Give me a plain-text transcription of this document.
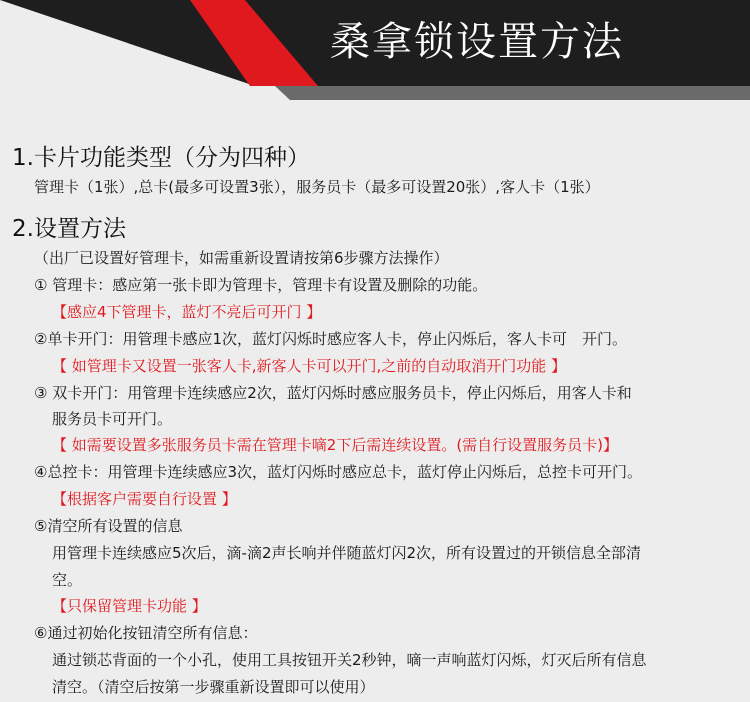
桑拿锁设置方法
1.卡片功能类型（分为四种）
管理卡（1张）,总卡(最多可设置3张），服务员卡（最多可设置20张）,客人卡（1张）
2.设置方法
（出厂已设置好管理卡，如需重新设置请按第6步骤方法操作）
① 管理卡：感应第一张卡即为管理卡，管理卡有设置及删除的功能。
【感应4下管理卡，蓝灯不亮后可开门 】
②单卡开门：用管理卡感应1次，蓝灯闪烁时感应客人卡，停止闪烁后，客人卡可　开门。
【 如管理卡又设置一张客人卡,新客人卡可以开门,之前的自动取消开门功能 】
③ 双卡开门：用管理卡连续感应2次，蓝灯闪烁时感应服务员卡，停止闪烁后，用客人卡和
服务员卡可开门。
【 如需要设置多张服务员卡需在管理卡嘀2下后需连续设置。(需自行设置服务员卡)】
④总控卡：用管理卡连续感应3次，蓝灯闪烁时感应总卡，蓝灯停止闪烁后，总控卡可开门。
【根据客户需要自行设置 】
⑤清空所有设置的信息
用管理卡连续感应5次后，滴-滴2声长响并伴随蓝灯闪2次，所有设置过的开锁信息全部清
空。
【只保留管理卡功能 】
⑥通过初始化按钮清空所有信息：
通过锁芯背面的一个小孔，使用工具按钮开关2秒钟，嘀一声响蓝灯闪烁，灯灭后所有信息
清空。（清空后按第一步骤重新设置即可以使用）
